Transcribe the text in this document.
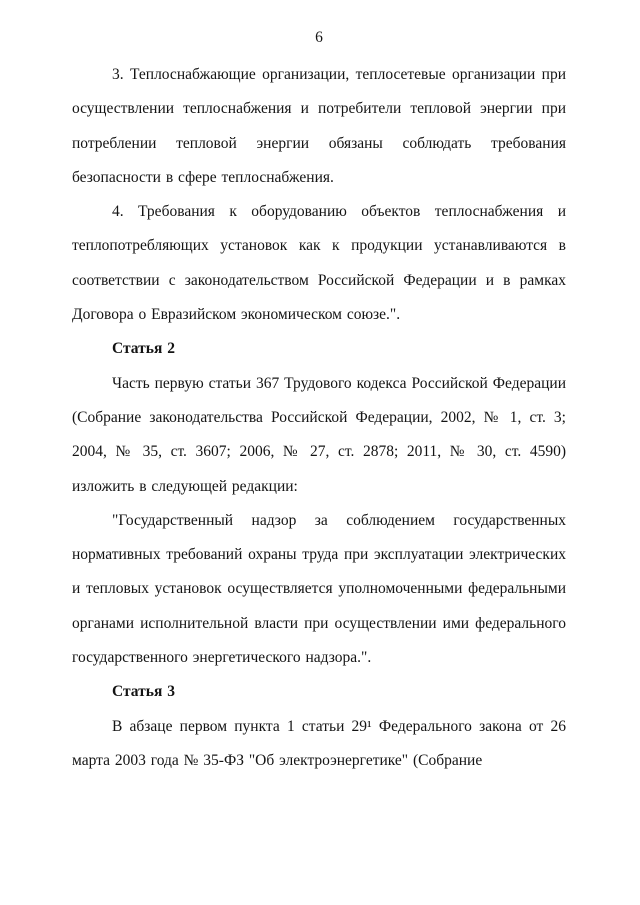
6

3. Теплоснабжающие организации, теплосетевые организации при осуществлении теплоснабжения и потребители тепловой энергии при потреблении тепловой энергии обязаны соблюдать требования безопасности в сфере теплоснабжения.

4. Требования к оборудованию объектов теплоснабжения и теплопотребляющих установок как к продукции устанавливаются в соответствии с законодательством Российской Федерации и в рамках Договора о Евразийском экономическом союзе.".

Статья 2

Часть первую статьи 367 Трудового кодекса Российской Федерации (Собрание законодательства Российской Федерации, 2002, № 1, ст. 3; 2004, № 35, ст. 3607; 2006, № 27, ст. 2878; 2011, № 30, ст. 4590) изложить в следующей редакции:

"Государственный надзор за соблюдением государственных нормативных требований охраны труда при эксплуатации электрических и тепловых установок осуществляется уполномоченными федеральными органами исполнительной власти при осуществлении ими федерального государственного энергетического надзора.".

Статья 3

В абзаце первом пункта 1 статьи 29¹ Федерального закона от 26 марта 2003 года № 35-ФЗ "Об электроэнергетике" (Собрание
